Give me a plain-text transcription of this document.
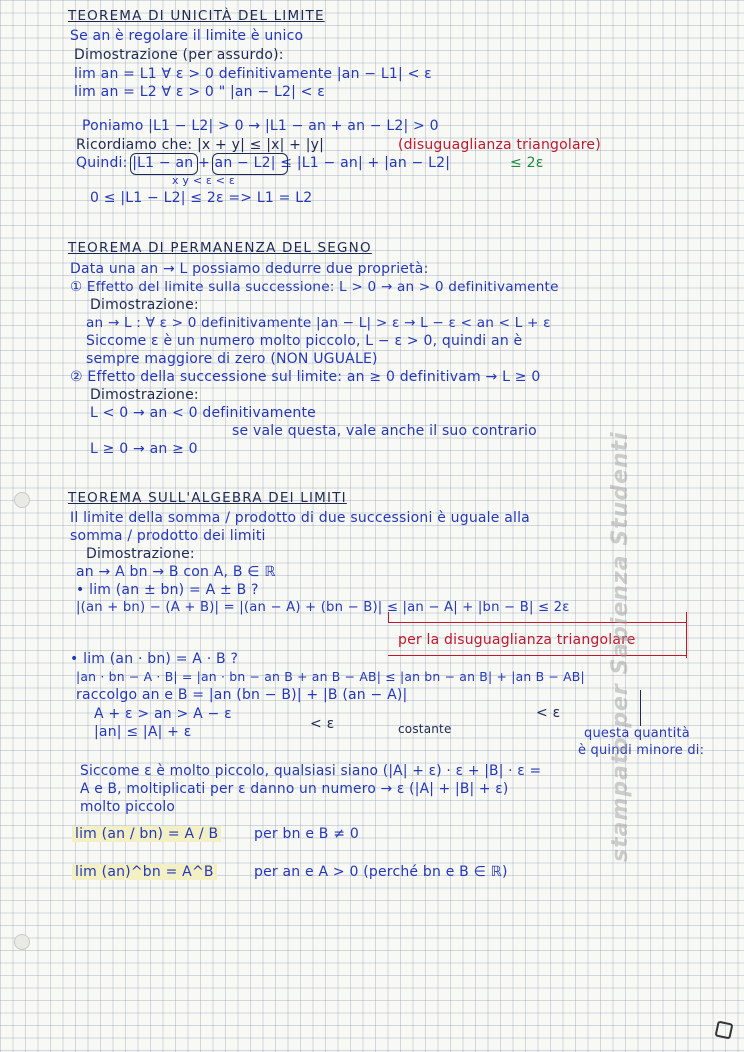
TEOREMA DI UNICITÀ DEL LIMITE
Se an è regolare il limite è unico
Dimostrazione (per assurdo):
lim an = L1 ∀ ε > 0 definitivamente |an − L1| < ε
lim an = L2 ∀ ε > 0 " |an − L2| < ε
Poniamo |L1 − L2| > 0 → |L1 − an + an − L2| > 0
Ricordiamo che: |x + y| ≤ |x| + |y|	(disuguaglianza triangolare)
Quindi: |L1 − an + an − L2| ≤ |L1 − an| + |an − L2|
x y < ε < ε
≤ 2ε
0 ≤ |L1 − L2| ≤ 2ε => L1 = L2
TEOREMA DI PERMANENZA DEL SEGNO
Data una an → L possiamo dedurre due proprietà:
① Effetto del limite sulla successione: L > 0 → an > 0 definitivamente
Dimostrazione:
an → L : ∀ ε > 0 definitivamente |an − L| > ε → L − ε < an < L + ε
Siccome ε è un numero molto piccolo, L − ε > 0, quindi an è
sempre maggiore di zero (NON UGUALE)
② Effetto della successione sul limite: an ≥ 0 definitivam → L ≥ 0
Dimostrazione:
L < 0 → an < 0 definitivamente
se vale questa, vale anche il suo contrario
L ≥ 0 → an ≥ 0
TEOREMA SULL'ALGEBRA DEI LIMITI
Il limite della somma / prodotto di due successioni è uguale alla
somma / prodotto dei limiti
Dimostrazione:
an → A bn → B con A, B ∈ ℝ
• lim (an ± bn) = A ± B ?
|(an + bn) − (A + B)| = |(an − A) + (bn − B)| ≤ |an − A| + |bn − B| ≤ 2ε
per la disuguaglianza triangolare
• lim (an · bn) = A · B ?
|an · bn − A · B| = |an · bn − an B + an B − AB| ≤ |an bn − an B| + |an B − AB|
raccolgo an e B = |an (bn − B)| + |B (an − A)|
A + ε > an > A − ε
< ε	costante
< ε
|an| ≤ |A| + ε	questa quantità
è quindi minore di:
Siccome ε è molto piccolo, qualsiasi siano (|A| + ε) · ε + |B| · ε =
A e B, moltiplicati per ε danno un numero → ε (|A| + |B| + ε)
molto piccolo
lim (an / bn) = A / B	per bn e B ≠ 0
lim (an)^bn = A^B	per an e A > 0 (perché bn e B ∈ ℝ)
stampato per Sapienza Studenti
